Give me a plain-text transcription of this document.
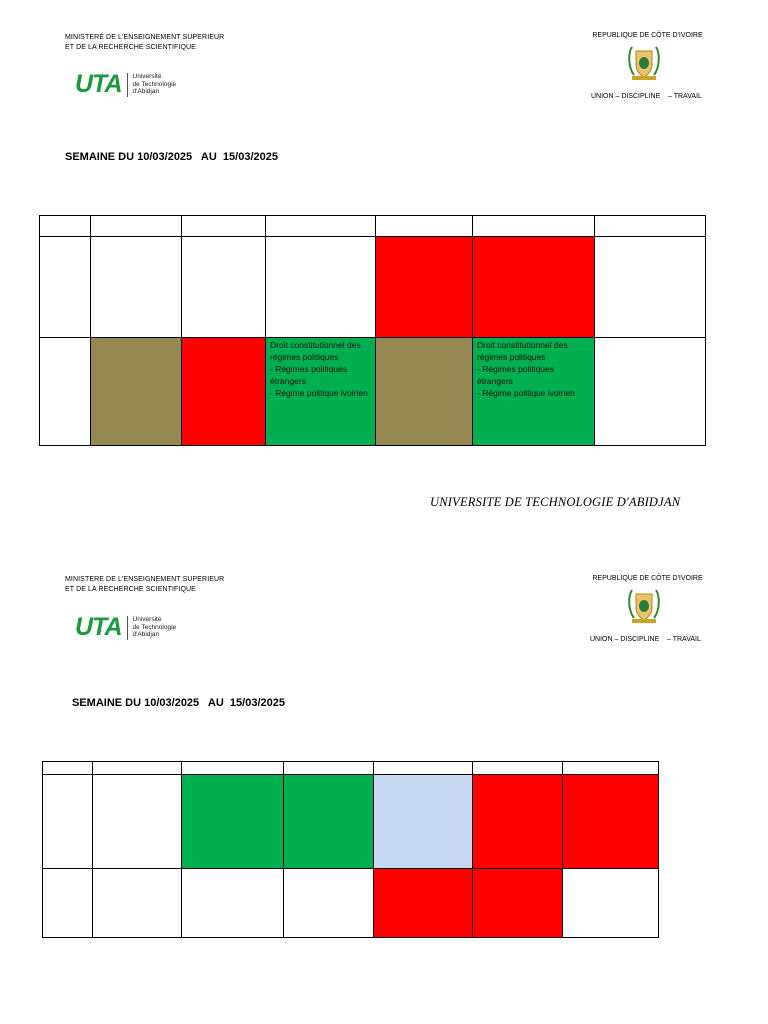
MINISTERE DE L'ENSEIGNEMENT SUPERIEUR
ET DE LA RECHERCHE SCIENTIFIQUE
UTA Université
de Technologie
d'Abidjan
REPUBLIQUE DE CÔTE D'IVOIRE
UNION – DISCIPLINE    – TRAVAIL
SEMAINE DU 10/03/2025   AU  15/03/2025

			Droit constitutionnel des régimes politiques
- Régimes politiques étrangers
- Régime politique ivoirien		Droit constitutionnel des régimes politiques
- Régimes politiques étrangers
- Régime politique ivoirien	

UNIVERSITE DE TECHNOLOGIE D'ABIDJAN
MINISTERE DE L'ENSEIGNEMENT SUPERIEUR
ET DE LA RECHERCHE SCIENTIFIQUE
UTA Université
de Technologie
d'Abidjan
REPUBLIQUE DE CÔTE D'IVOIRE
UNION – DISCIPLINE    – TRAVAIL
SEMAINE DU 10/03/2025   AU  15/03/2025
